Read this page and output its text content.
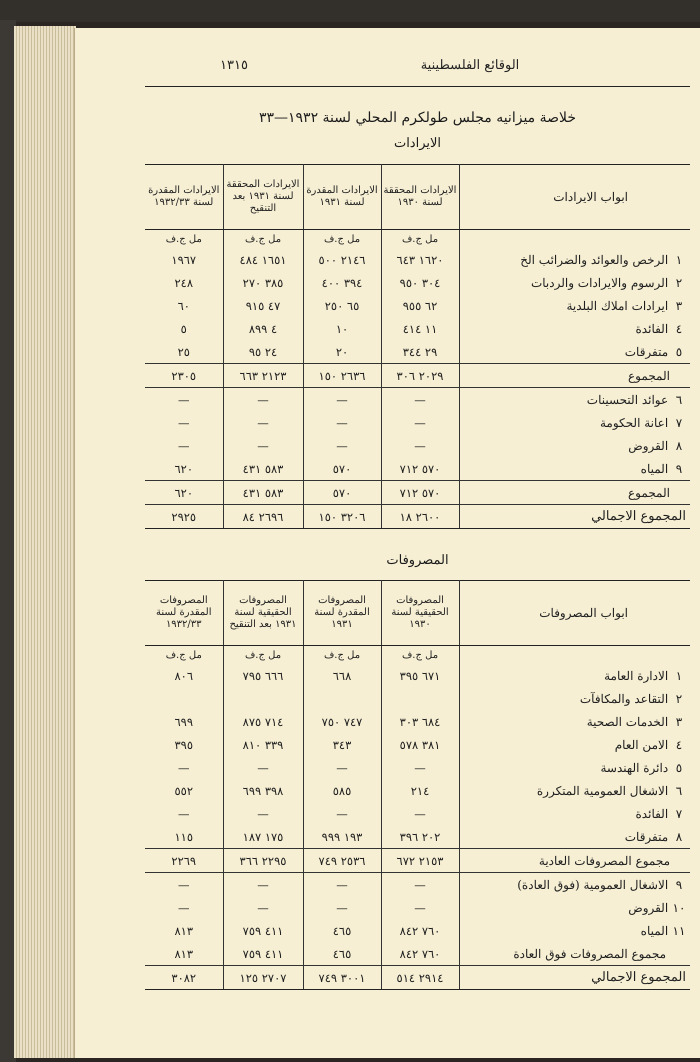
الوقائع الفلسطينية
١٣١٥
خلاصة ميزانيه مجلس طولكرم المحلي لسنة ١٩٣٢—٣٣
الايرادات
ابواب الايرادات	الايرادات المحققة لسنة ١٩٣٠	الايرادات المقدرة لسنة ١٩٣١	الايرادات المحققة لسنة ١٩٣١ بعد التنقيح	الايرادات المقدرة لسنة ١٩٣٢/٣٣
	مل ج.ف	مل ج.ف	مل ج.ف	مل ج.ف
١ الرخص والعوائد والضرائب الخ	١٦٢٠ ٦٤٣	٢١٤٦ ٥٠٠	١٦٥١ ٤٨٤	١٩٦٧
٢ الرسوم والايرادات والردبات	٣٠٤ ٩٥٠	٣٩٤ ٤٠٠	٣٨٥ ٢٧٠	٢٤٨
٣ ايرادات املاك البلدية	٦٢ ٩٥٥	٦٥ ٢٥٠	٤٧ ٩١٥	٦٠
٤ الفائدة	١١ ٤١٤	١٠	٤ ٨٩٩	٥
٥ متفرقات	٢٩ ٣٤٤	٢٠	٢٤ ٩٥	٢٥
المجموع	٢٠٢٩ ٣٠٦	٢٦٣٦ ١٥٠	٢١٢٣ ٦٦٣	٢٣٠٥
٦ عوائد التحسينات	—	—	—	—
٧ اعانة الحكومة	—	—	—	—
٨ القروض	—	—	—	—
٩ المياه	٥٧٠ ٧١٢	٥٧٠	٥٨٣ ٤٣١	٦٢٠
المجموع	٥٧٠ ٧١٢	٥٧٠	٥٨٣ ٤٣١	٦٢٠
المجموع الاجمالي	٢٦٠٠ ١٨	٣٢٠٦ ١٥٠	٢٦٩٦ ٨٤	٢٩٢٥
المصروفات
ابواب المصروفات	المصروفات الحقيقية لسنة ١٩٣٠	المصروفات المقدرة لسنة ١٩٣١	المصروفات الحقيقية لسنة ١٩٣١ بعد التنقيح	المصروفات المقدرة لسنة ١٩٣٢/٣٣
	مل ج.ف	مل ج.ف	مل ج.ف	مل ج.ف
١ الادارة العامة	٦٧١ ٣٩٥	٦٦٨	٦٦٦ ٧٩٥	٨٠٦
٢ التقاعد والمكافآت				
٣ الخدمات الصحية	٦٨٤ ٣٠٣	٧٤٧ ٧٥٠	٧١٤ ٨٧٥	٦٩٩
٤ الامن العام	٣٨١ ٥٧٨	٣٤٣	٣٣٩ ٨١٠	٣٩٥
٥ دائرة الهندسة	—	—	—	—
٦ الاشغال العمومية المتكررة	٢١٤	٥٨٥	٣٩٨ ٦٩٩	٥٥٢
٧ الفائدة	—	—	—	—
٨ متفرقات	٢٠٢ ٣٩٦	١٩٣ ٩٩٩	١٧٥ ١٨٧	١١٥
مجموع المصروفات العادية	٢١٥٣ ٦٧٢	٢٥٣٦ ٧٤٩	٢٢٩٥ ٣٦٦	٢٢٦٩
٩ الاشغال العمومية (فوق العادة)	—	—	—	—
١٠ القروض	—	—	—	—
١١ المياه	٧٦٠ ٨٤٢	٤٦٥	٤١١ ٧٥٩	٨١٣
مجموع المصروفات فوق العادة	٧٦٠ ٨٤٢	٤٦٥	٤١١ ٧٥٩	٨١٣
المجموع الاجمالي	٢٩١٤ ٥١٤	٣٠٠١ ٧٤٩	٢٧٠٧ ١٢٥	٣٠٨٢
